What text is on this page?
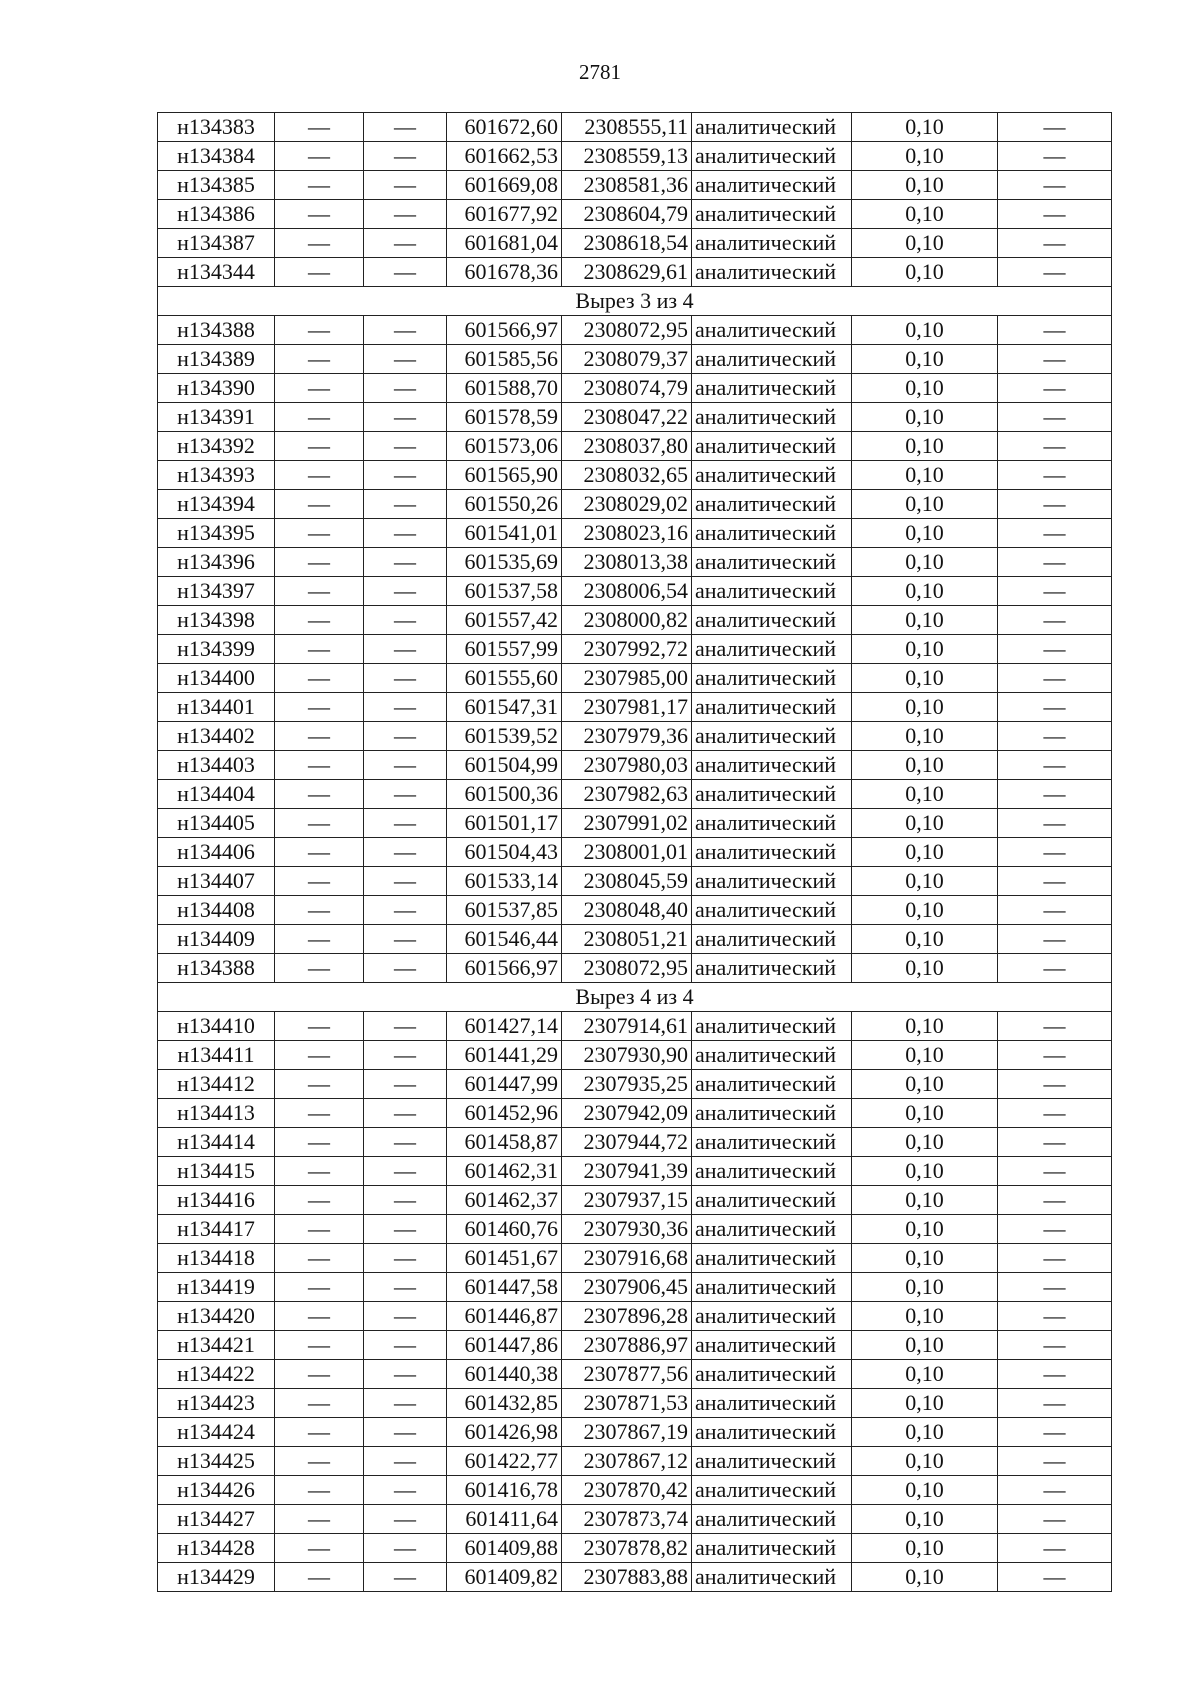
2781
н134383	—	—	601672,60	2308555,11	аналитический	0,10	—
н134384	—	—	601662,53	2308559,13	аналитический	0,10	—
н134385	—	—	601669,08	2308581,36	аналитический	0,10	—
н134386	—	—	601677,92	2308604,79	аналитический	0,10	—
н134387	—	—	601681,04	2308618,54	аналитический	0,10	—
н134344	—	—	601678,36	2308629,61	аналитический	0,10	—
Вырез 3 из 4							
н134388	—	—	601566,97	2308072,95	аналитический	0,10	—
н134389	—	—	601585,56	2308079,37	аналитический	0,10	—
н134390	—	—	601588,70	2308074,79	аналитический	0,10	—
н134391	—	—	601578,59	2308047,22	аналитический	0,10	—
н134392	—	—	601573,06	2308037,80	аналитический	0,10	—
н134393	—	—	601565,90	2308032,65	аналитический	0,10	—
н134394	—	—	601550,26	2308029,02	аналитический	0,10	—
н134395	—	—	601541,01	2308023,16	аналитический	0,10	—
н134396	—	—	601535,69	2308013,38	аналитический	0,10	—
н134397	—	—	601537,58	2308006,54	аналитический	0,10	—
н134398	—	—	601557,42	2308000,82	аналитический	0,10	—
н134399	—	—	601557,99	2307992,72	аналитический	0,10	—
н134400	—	—	601555,60	2307985,00	аналитический	0,10	—
н134401	—	—	601547,31	2307981,17	аналитический	0,10	—
н134402	—	—	601539,52	2307979,36	аналитический	0,10	—
н134403	—	—	601504,99	2307980,03	аналитический	0,10	—
н134404	—	—	601500,36	2307982,63	аналитический	0,10	—
н134405	—	—	601501,17	2307991,02	аналитический	0,10	—
н134406	—	—	601504,43	2308001,01	аналитический	0,10	—
н134407	—	—	601533,14	2308045,59	аналитический	0,10	—
н134408	—	—	601537,85	2308048,40	аналитический	0,10	—
н134409	—	—	601546,44	2308051,21	аналитический	0,10	—
н134388	—	—	601566,97	2308072,95	аналитический	0,10	—
Вырез 4 из 4							
н134410	—	—	601427,14	2307914,61	аналитический	0,10	—
н134411	—	—	601441,29	2307930,90	аналитический	0,10	—
н134412	—	—	601447,99	2307935,25	аналитический	0,10	—
н134413	—	—	601452,96	2307942,09	аналитический	0,10	—
н134414	—	—	601458,87	2307944,72	аналитический	0,10	—
н134415	—	—	601462,31	2307941,39	аналитический	0,10	—
н134416	—	—	601462,37	2307937,15	аналитический	0,10	—
н134417	—	—	601460,76	2307930,36	аналитический	0,10	—
н134418	—	—	601451,67	2307916,68	аналитический	0,10	—
н134419	—	—	601447,58	2307906,45	аналитический	0,10	—
н134420	—	—	601446,87	2307896,28	аналитический	0,10	—
н134421	—	—	601447,86	2307886,97	аналитический	0,10	—
н134422	—	—	601440,38	2307877,56	аналитический	0,10	—
н134423	—	—	601432,85	2307871,53	аналитический	0,10	—
н134424	—	—	601426,98	2307867,19	аналитический	0,10	—
н134425	—	—	601422,77	2307867,12	аналитический	0,10	—
н134426	—	—	601416,78	2307870,42	аналитический	0,10	—
н134427	—	—	601411,64	2307873,74	аналитический	0,10	—
н134428	—	—	601409,88	2307878,82	аналитический	0,10	—
н134429	—	—	601409,82	2307883,88	аналитический	0,10	—
